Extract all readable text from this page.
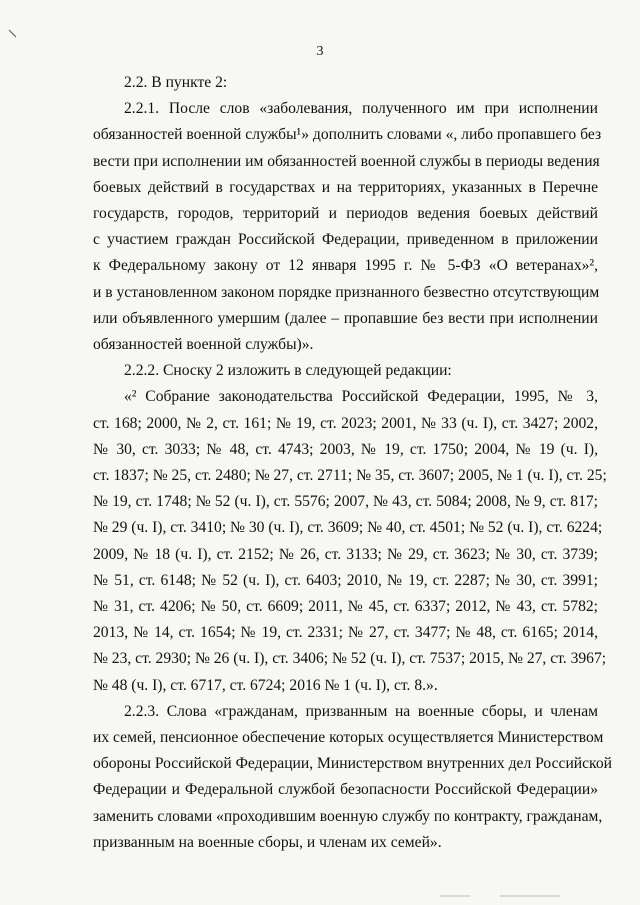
3
2.2. В пункте 2:
2.2.1. После слов «заболевания, полученного им при исполнении
обязанностей военной службы¹» дополнить словами «, либо пропавшего без
вести при исполнении им обязанностей военной службы в периоды ведения
боевых действий в государствах и на территориях, указанных в Перечне
государств, городов, территорий и периодов ведения боевых действий
с участием граждан Российской Федерации, приведенном в приложении
к Федеральному закону от 12 января 1995 г. № 5-ФЗ «О ветеранах»²,
и в установленном законом порядке признанного безвестно отсутствующим
или объявленного умершим (далее – пропавшие без вести при исполнении
обязанностей военной службы)».
2.2.2. Сноску 2 изложить в следующей редакции:
«² Собрание законодательства Российской Федерации, 1995, № 3,
ст. 168; 2000, № 2, ст. 161; № 19, ст. 2023; 2001, № 33 (ч. I), ст. 3427; 2002,
№ 30, ст. 3033; № 48, ст. 4743; 2003, № 19, ст. 1750; 2004, № 19 (ч. I),
ст. 1837; № 25, ст. 2480; № 27, ст. 2711; № 35, ст. 3607; 2005, № 1 (ч. I), ст. 25;
№ 19, ст. 1748; № 52 (ч. I), ст. 5576; 2007, № 43, ст. 5084; 2008, № 9, ст. 817;
№ 29 (ч. I), ст. 3410; № 30 (ч. I), ст. 3609; № 40, ст. 4501; № 52 (ч. I), ст. 6224;
2009, № 18 (ч. I), ст. 2152; № 26, ст. 3133; № 29, ст. 3623; № 30, ст. 3739;
№ 51, ст. 6148; № 52 (ч. I), ст. 6403; 2010, № 19, ст. 2287; № 30, ст. 3991;
№ 31, ст. 4206; № 50, ст. 6609; 2011, № 45, ст. 6337; 2012, № 43, ст. 5782;
2013, № 14, ст. 1654; № 19, ст. 2331; № 27, ст. 3477; № 48, ст. 6165; 2014,
№ 23, ст. 2930; № 26 (ч. I), ст. 3406; № 52 (ч. I), ст. 7537; 2015, № 27, ст. 3967;
№ 48 (ч. I), ст. 6717, ст. 6724; 2016 № 1 (ч. I), ст. 8.».
2.2.3. Слова «гражданам, призванным на военные сборы, и членам
их семей, пенсионное обеспечение которых осуществляется Министерством
обороны Российской Федерации, Министерством внутренних дел Российской
Федерации и Федеральной службой безопасности Российской Федерации»
заменить словами «проходившим военную службу по контракту, гражданам,
призванным на военные сборы, и членам их семей».
